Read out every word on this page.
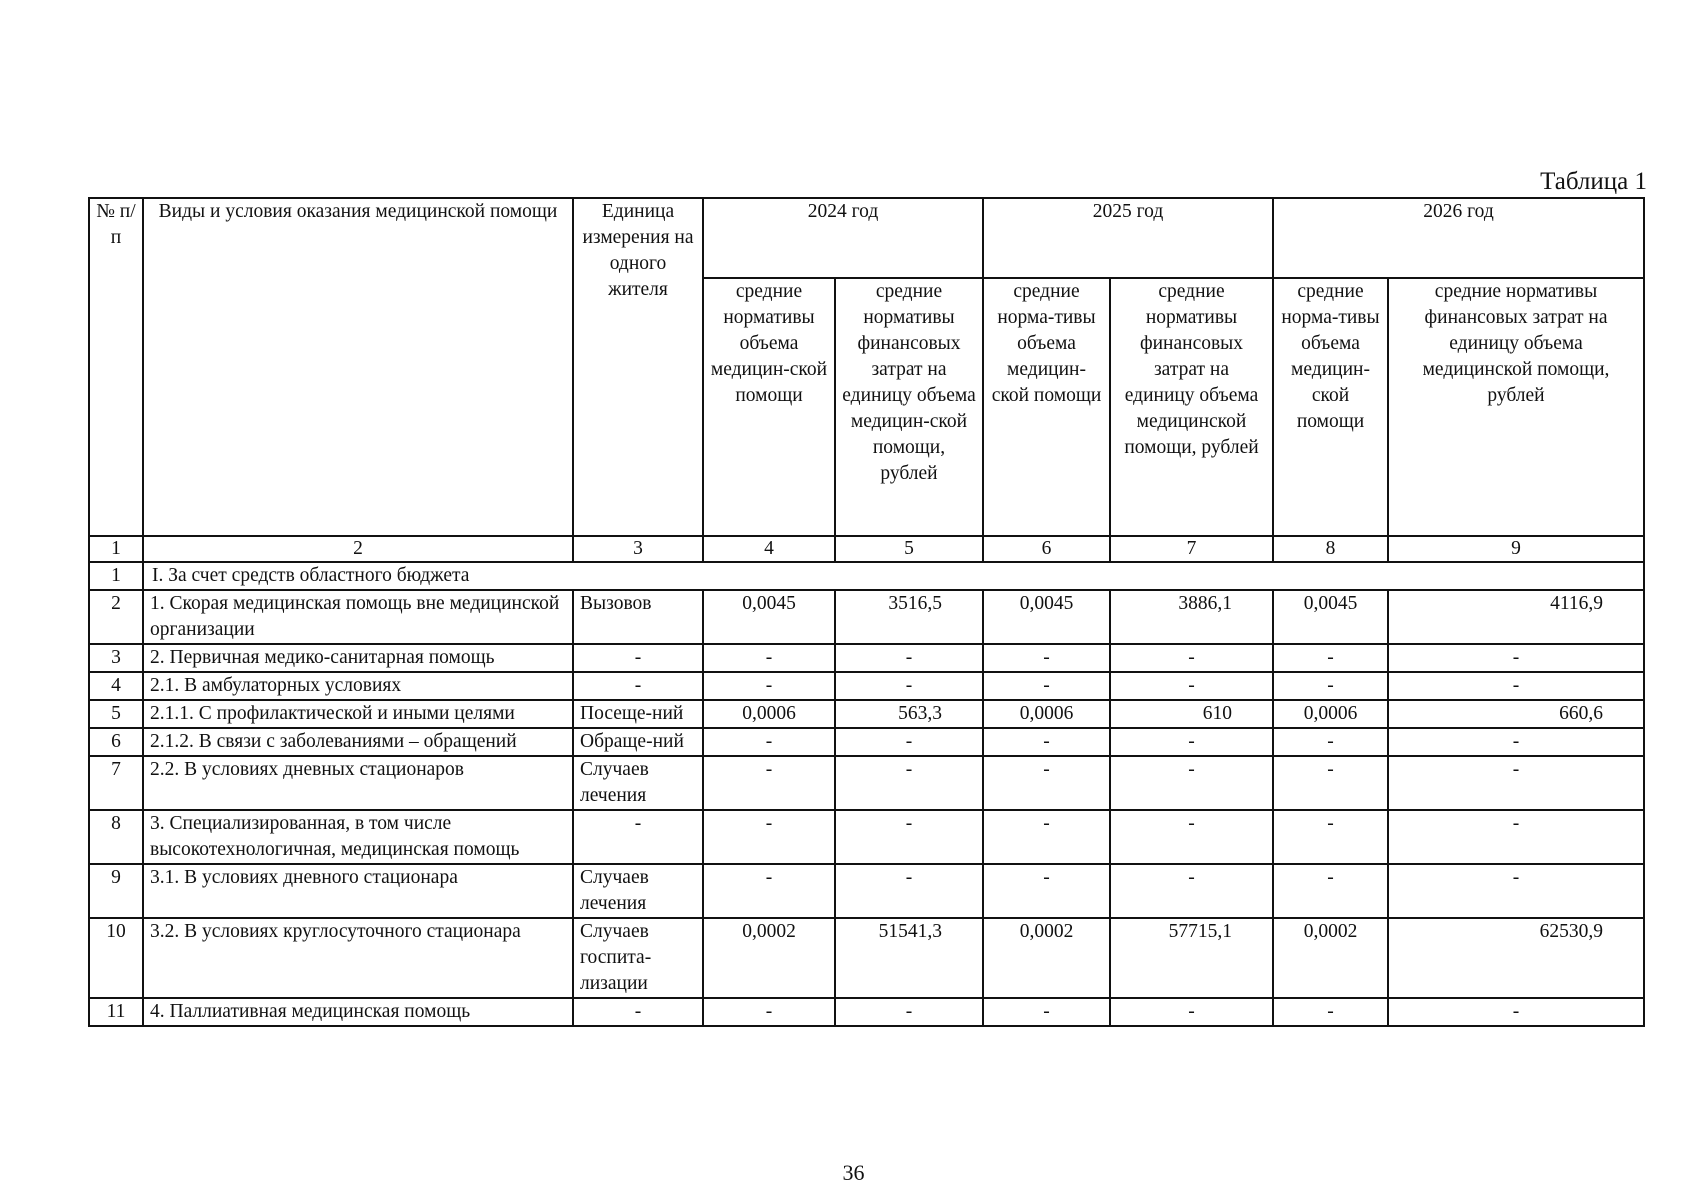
Таблица 1
№ п/п	Виды и условия оказания медицинской помощи	Единица измерения на одного жителя	2024 год		2025 год		2026 год	
			средние нормативы объема медицин-ской помощи	средние нормативы финансовых затрат на единицу объема медицин-ской помощи, рублей	средние норма-тивы объема медицин-ской помощи	средние нормативы финансовых затрат на единицу объема медицинской помощи, рублей	средние норма-тивы объема медицин-ской помощи	средние нормативы финансовых затрат на единицу объема медицинской помощи, рублей
1	2	3	4	5	6	7	8	9
1	I. За счет средств областного бюджета							
2	1. Скорая медицинская помощь вне медицинской организации	Вызовов	0,0045	3516,5	0,0045	3886,1	0,0045	4116,9
3	2. Первичная медико-санитарная помощь	-	-	-	-	-	-	-
4	2.1. В амбулаторных условиях	-	-	-	-	-	-	-
5	2.1.1. С профилактической и иными целями	Посеще-ний	0,0006	563,3	0,0006	610	0,0006	660,6
6	2.1.2. В связи с заболеваниями – обращений	Обраще-ний	-	-	-	-	-	-
7	2.2. В условиях дневных стационаров	Случаев лечения	-	-	-	-	-	-
8	3. Специализированная, в том числе высокотехнологичная, медицинская помощь	-	-	-	-	-	-	-
9	3.1. В условиях дневного стационара	Случаев лечения	-	-	-	-	-	-
10	3.2. В условиях круглосуточного стационара	Случаев госпита-лизации	0,0002	51541,3	0,0002	57715,1	0,0002	62530,9
11	4. Паллиативная медицинская помощь	-	-	-	-	-	-	-
36
